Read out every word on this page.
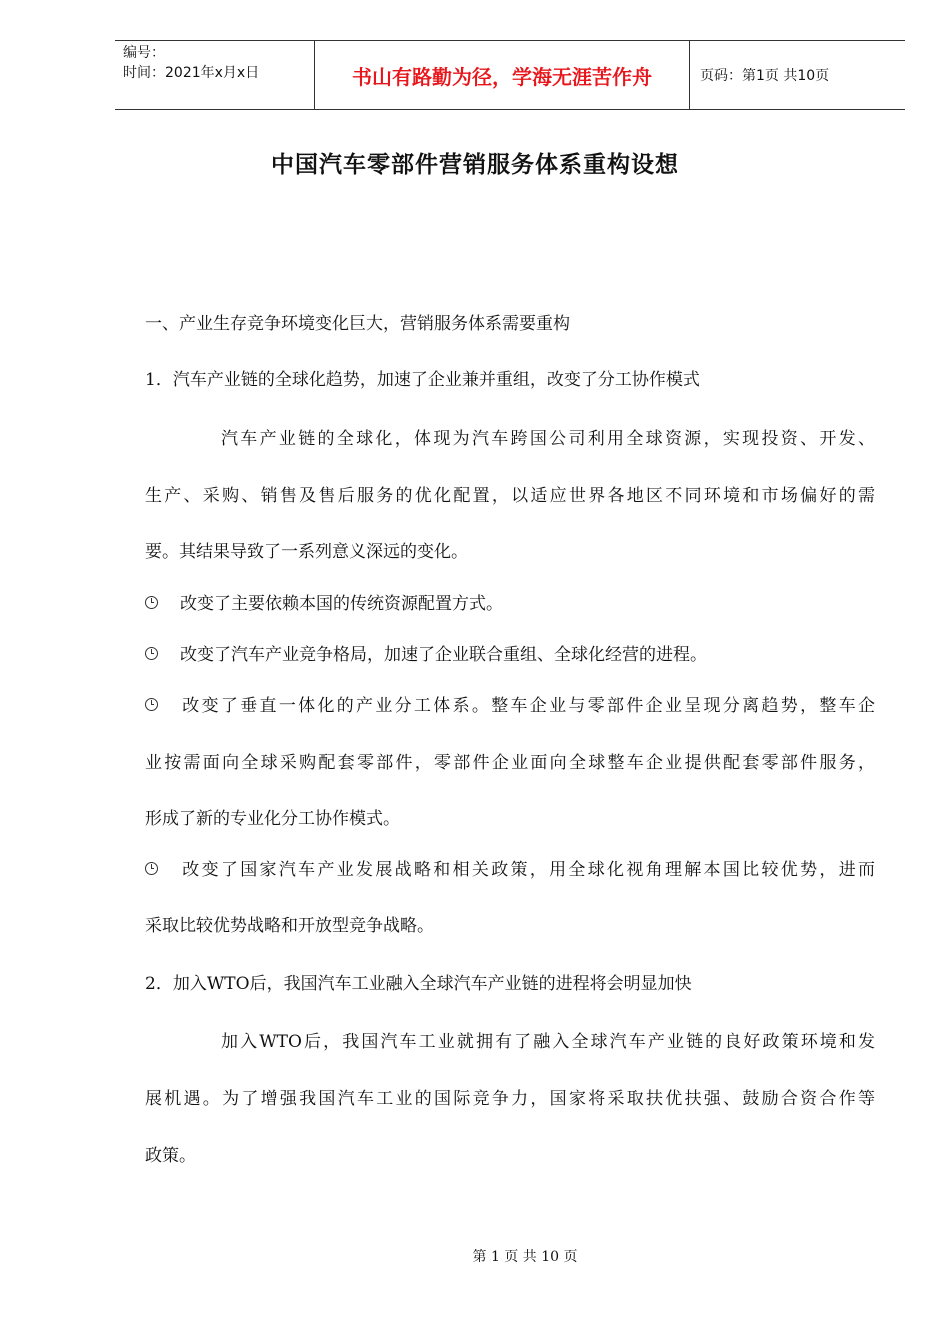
编号：
时间：2021年x月x日	书山有路勤为径，学海无涯苦作舟	页码：第1页 共10页
中国汽车零部件营销服务体系重构设想
一、产业生存竞争环境变化巨大，营销服务体系需要重构
1．汽车产业链的全球化趋势，加速了企业兼并重组，改变了分工协作模式
汽车产业链的全球化，体现为汽车跨国公司利用全球资源，实现投资、开发、
生产、采购、销售及售后服务的优化配置，以适应世界各地区不同环境和市场偏好的需
要。其结果导致了一系列意义深远的变化。
改变了主要依赖本国的传统资源配置方式。
改变了汽车产业竞争格局，加速了企业联合重组、全球化经营的进程。
改变了垂直一体化的产业分工体系。整车企业与零部件企业呈现分离趋势，整车企
业按需面向全球采购配套零部件，零部件企业面向全球整车企业提供配套零部件服务，
形成了新的专业化分工协作模式。
改变了国家汽车产业发展战略和相关政策，用全球化视角理解本国比较优势，进而
采取比较优势战略和开放型竞争战略。
2．加入WTO后，我国汽车工业融入全球汽车产业链的进程将会明显加快
加入WTO后，我国汽车工业就拥有了融入全球汽车产业链的良好政策环境和发
展机遇。为了增强我国汽车工业的国际竞争力，国家将采取扶优扶强、鼓励合资合作等
政策。
第 1 页 共 10 页
